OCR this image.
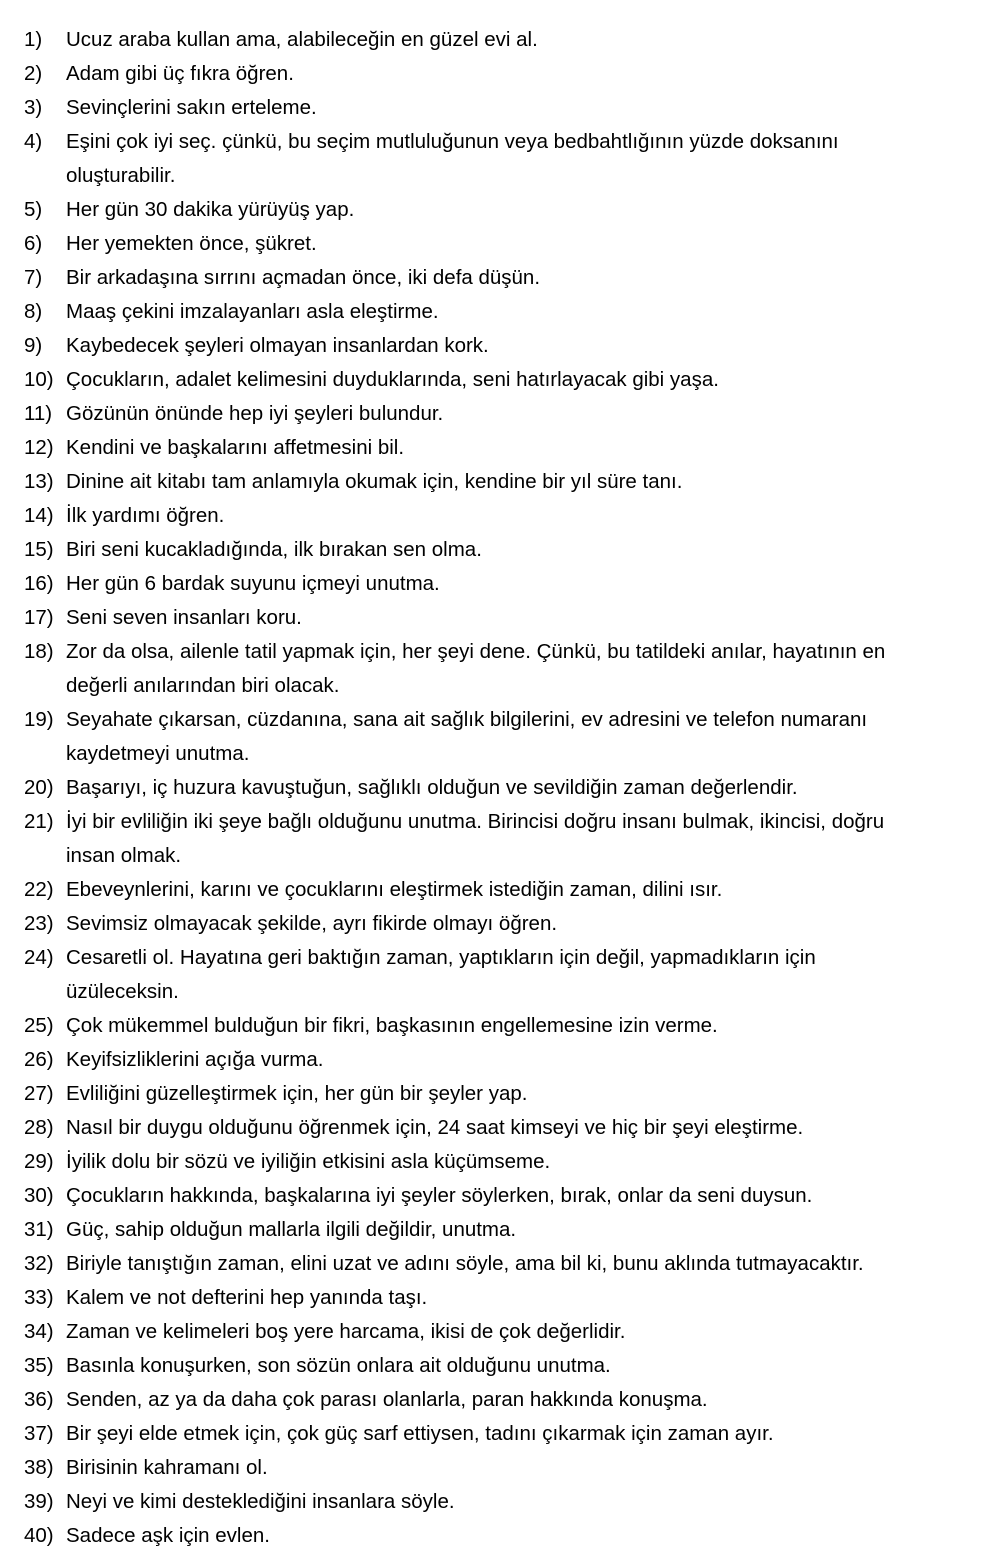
1) Ucuz araba kullan ama, alabileceğin en güzel evi al.
2) Adam gibi üç fıkra öğren.
3) Sevinçlerini sakın erteleme.
4) Eşini çok iyi seç. çünkü, bu seçim mutluluğunun veya bedbahtlığının yüzde doksanını
oluşturabilir.
5) Her gün 30 dakika yürüyüş yap.
6) Her yemekten önce, şükret.
7) Bir arkadaşına sırrını açmadan önce, iki defa düşün.
8) Maaş çekini imzalayanları asla eleştirme.
9) Kaybedecek şeyleri olmayan insanlardan kork.
10) Çocukların, adalet kelimesini duyduklarında, seni hatırlayacak gibi yaşa.
11) Gözünün önünde hep iyi şeyleri bulundur.
12) Kendini ve başkalarını affetmesini bil.
13) Dinine ait kitabı tam anlamıyla okumak için, kendine bir yıl süre tanı.
14) İlk yardımı öğren.
15) Biri seni kucakladığında, ilk bırakan sen olma.
16) Her gün 6 bardak suyunu içmeyi unutma.
17) Seni seven insanları koru.
18) Zor da olsa, ailenle tatil yapmak için, her şeyi dene. Çünkü, bu tatildeki anılar, hayatının en
değerli anılarından biri olacak.
19) Seyahate çıkarsan, cüzdanına, sana ait sağlık bilgilerini, ev adresini ve telefon numaranı
kaydetmeyi unutma.
20) Başarıyı, iç huzura kavuştuğun, sağlıklı olduğun ve sevildiğin zaman değerlendir.
21) İyi bir evliliğin iki şeye bağlı olduğunu unutma. Birincisi doğru insanı bulmak, ikincisi, doğru
insan olmak.
22) Ebeveynlerini, karını ve çocuklarını eleştirmek istediğin zaman, dilini ısır.
23) Sevimsiz olmayacak şekilde, ayrı fikirde olmayı öğren.
24) Cesaretli ol. Hayatına geri baktığın zaman, yaptıkların için değil, yapmadıkların için
üzüleceksin.
25) Çok mükemmel bulduğun bir fikri, başkasının engellemesine izin verme.
26) Keyifsizliklerini açığa vurma.
27) Evliliğini güzelleştirmek için, her gün bir şeyler yap.
28) Nasıl bir duygu olduğunu öğrenmek için, 24 saat kimseyi ve hiç bir şeyi eleştirme.
29) İyilik dolu bir sözü ve iyiliğin etkisini asla küçümseme.
30) Çocukların hakkında, başkalarına iyi şeyler söylerken, bırak, onlar da seni duysun.
31) Güç, sahip olduğun mallarla ilgili değildir, unutma.
32) Biriyle tanıştığın zaman, elini uzat ve adını söyle, ama bil ki, bunu aklında tutmayacaktır.
33) Kalem ve not defterini hep yanında taşı.
34) Zaman ve kelimeleri boş yere harcama, ikisi de çok değerlidir.
35) Basınla konuşurken, son sözün onlara ait olduğunu unutma.
36) Senden, az ya da daha çok parası olanlarla, paran hakkında konuşma.
37) Bir şeyi elde etmek için, çok güç sarf ettiysen, tadını çıkarmak için zaman ayır.
38) Birisinin kahramanı ol.
39) Neyi ve kimi desteklediğini insanlara söyle.
40) Sadece aşk için evlen.
